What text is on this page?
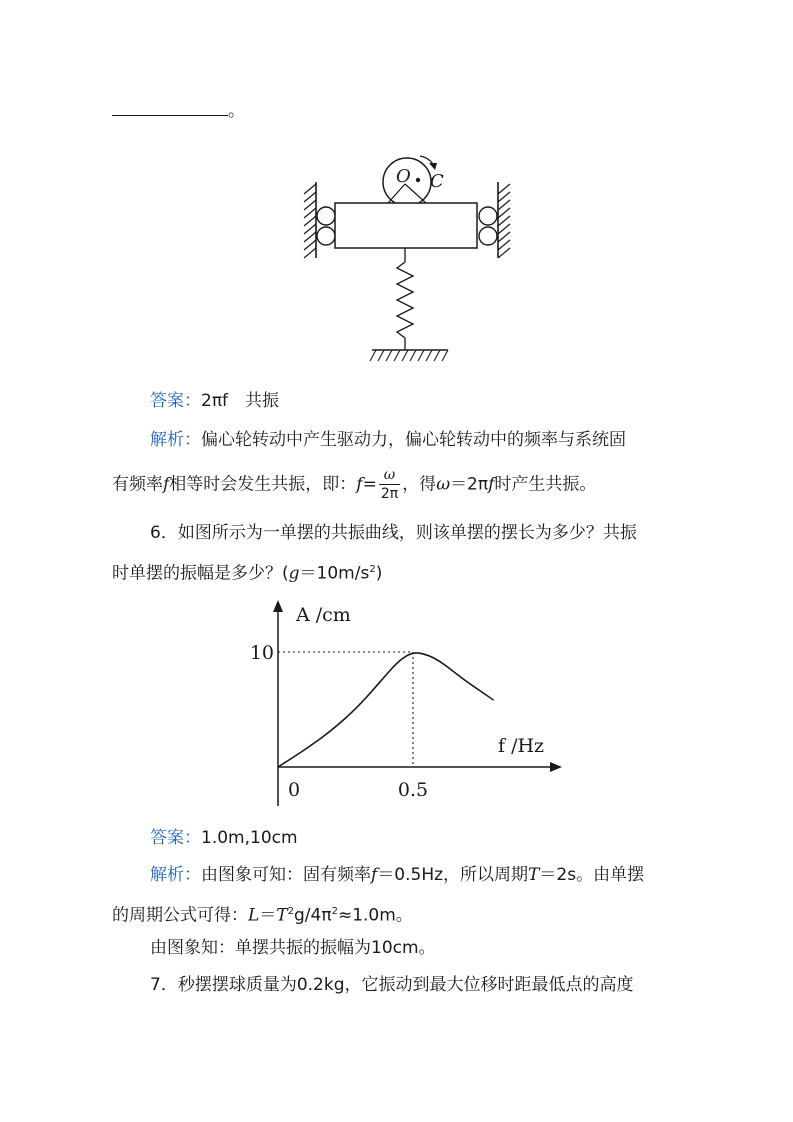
。
O C
答案：2πf　共振
解析：偏心轮转动中产生驱动力，偏心轮转动中的频率与系统固
有频率f相等时会发生共振，即：$f= \frac{\omega}{2\pi}$ ，得ω＝2πf时产生共振。
6．如图所示为一单摆的共振曲线，则该单摆的摆长为多少？共振
时单摆的振幅是多少？$(g=10m/s^2)$
A /cm
f /Hz
0	0.5
10
答案：1.0m,10cm
解析：由图象可知：固有频率f＝0.5Hz，所以周期T＝2s。由单摆
的周期公式可得：$L=T^2g/4\pi^2\approx 1.0m$。
由图象知：单摆共振的振幅为10cm。
7．秒摆摆球质量为0.2kg，它振动到最大位移时距最低点的高度
